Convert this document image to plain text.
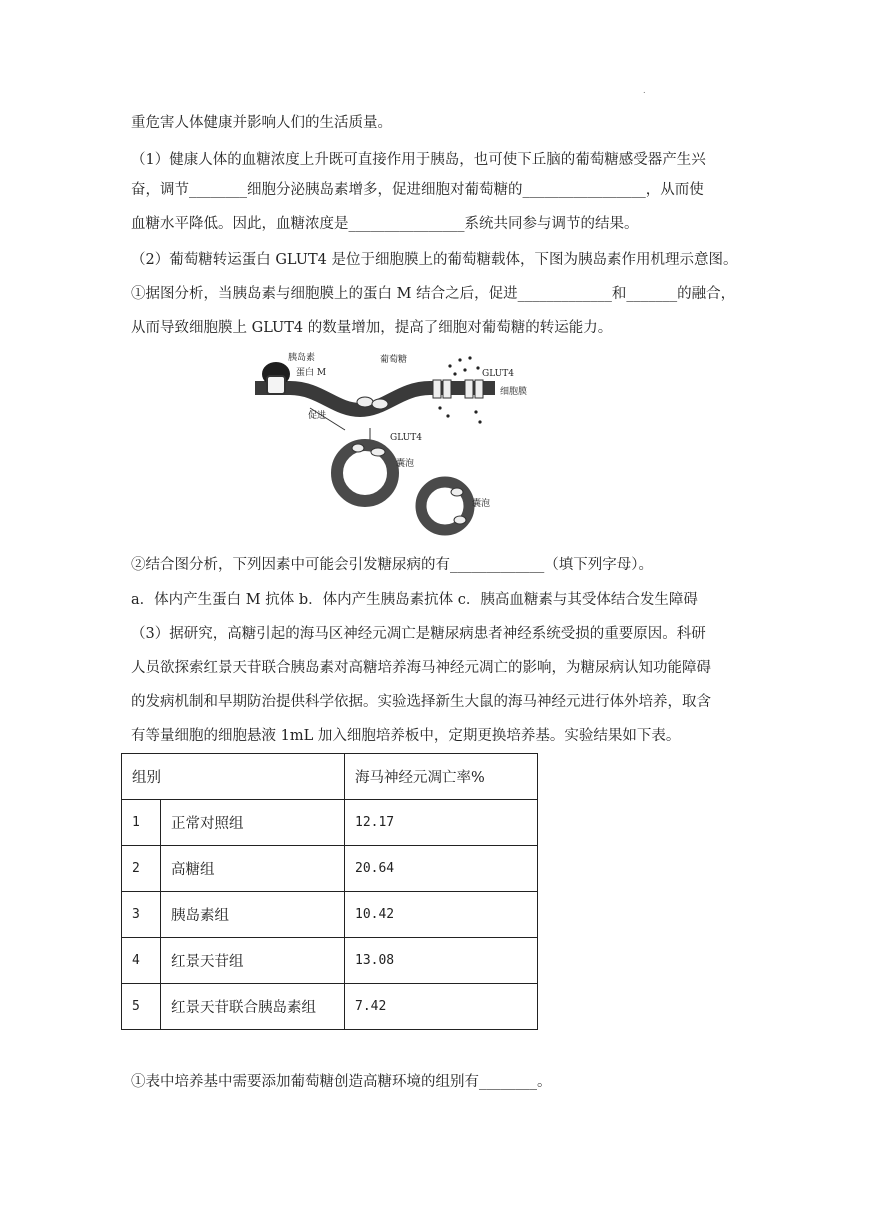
.
重危害人体健康并影响人们的生活质量。
（1）健康人体的血糖浓度上升既可直接作用于胰岛，也可使下丘脑的葡萄糖感受器产生兴
奋，调节________细胞分泌胰岛素增多，促进细胞对葡萄糖的_________________，从而使
血糖水平降低。因此，血糖浓度是________________系统共同参与调节的结果。
（2）葡萄糖转运蛋白 GLUT4 是位于细胞膜上的葡萄糖载体，下图为胰岛素作用机理示意图。
①据图分析，当胰岛素与细胞膜上的蛋白 M 结合之后，促进_____________和_______的融合，
从而导致细胞膜上 GLUT4 的数量增加，提高了细胞对葡萄糖的转运能力。
胰岛素
蛋白 M
葡萄糖
GLUT4
细胞膜
促进
GLUT4
囊泡
囊泡
②结合图分析，下列因素中可能会引发糖尿病的有_____________（填下列字母）。
a．体内产生蛋白 M 抗体 b．体内产生胰岛素抗体 c．胰高血糖素与其受体结合发生障碍
（3）据研究，高糖引起的海马区神经元凋亡是糖尿病患者神经系统受损的重要原因。科研
人员欲探索红景天苷联合胰岛素对高糖培养海马神经元凋亡的影响，为糖尿病认知功能障碍
的发病机制和早期防治提供科学依据。实验选择新生大鼠的海马神经元进行体外培养，取含
有等量细胞的细胞悬液 1mL 加入细胞培养板中，定期更换培养基。实验结果如下表。
组别		海马神经元凋亡率%
1	正常对照组	12.17
2	高糖组	20.64
3	胰岛素组	10.42
4	红景天苷组	13.08
5	红景天苷联合胰岛素组	7.42
①表中培养基中需要添加葡萄糖创造高糖环境的组别有________。
